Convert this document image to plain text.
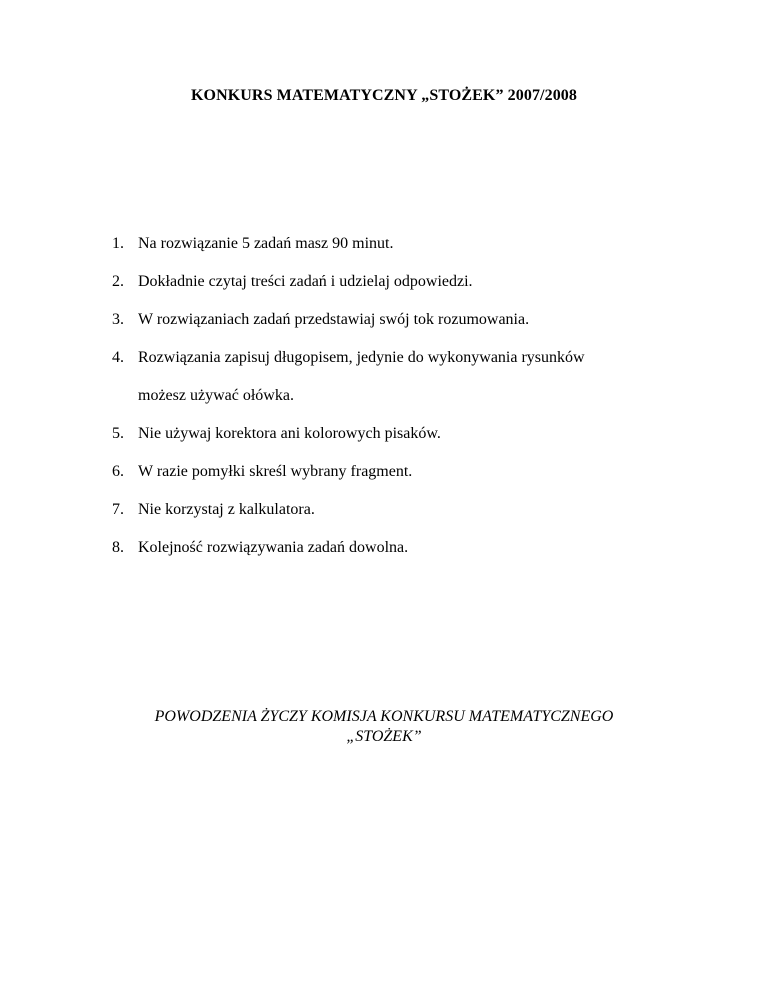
KONKURS MATEMATYCZNY „STOŻEK” 2007/2008
1. Na rozwiązanie 5 zadań masz 90 minut.
2. Dokładnie czytaj treści zadań i udzielaj odpowiedzi.
3. W rozwiązaniach zadań przedstawiaj swój tok rozumowania.
4. Rozwiązania zapisuj długopisem, jedynie do wykonywania rysunków
możesz używać ołówka.
5. Nie używaj korektora ani kolorowych pisaków.
6. W razie pomyłki skreśl wybrany fragment.
7. Nie korzystaj z kalkulatora.
8. Kolejność rozwiązywania zadań dowolna.
POWODZENIA ŻYCZY KOMISJA KONKURSU MATEMATYCZNEGO
„STOŻEK”
